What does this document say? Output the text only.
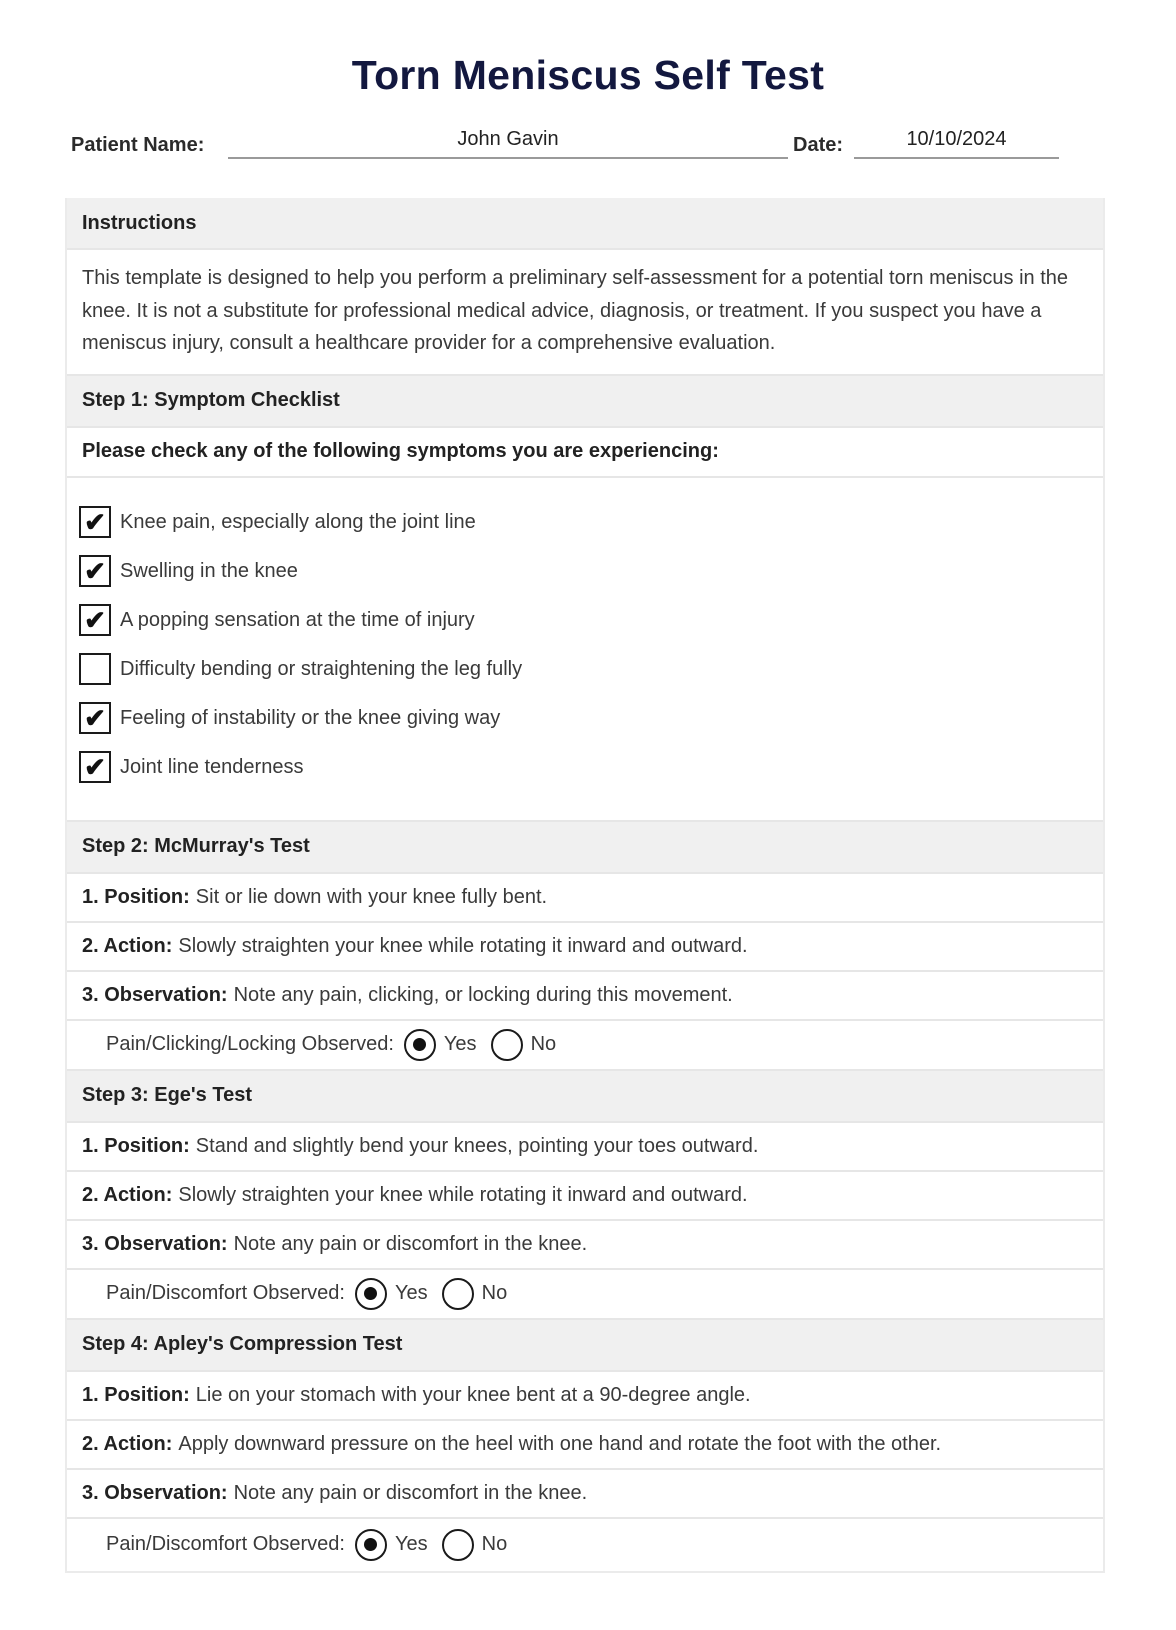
Torn Meniscus Self Test
Patient Name:	John Gavin	Date:	10/10/2024
Instructions
This template is designed to help you perform a preliminary self-assessment for a potential torn meniscus in the knee. It is not a substitute for professional medical advice, diagnosis, or treatment. If you suspect you have a meniscus injury, consult a healthcare provider for a comprehensive evaluation.
Step 1: Symptom Checklist
Please check any of the following symptoms you are experiencing:
✔ Knee pain, especially along the joint line
✔ Swelling in the knee
✔ A popping sensation at the time of injury
Difficulty bending or straightening the leg fully
✔ Feeling of instability or the knee giving way
✔ Joint line tenderness
Step 2: McMurray's Test
1. Position: Sit or lie down with your knee fully bent.
2. Action: Slowly straighten your knee while rotating it inward and outward.
3. Observation: Note any pain, clicking, or locking during this movement.
Pain/Clicking/Locking Observed:	Yes	No
Step 3: Ege's Test
1. Position: Stand and slightly bend your knees, pointing your toes outward.
2. Action: Slowly straighten your knee while rotating it inward and outward.
3. Observation: Note any pain or discomfort in the knee.
Pain/Discomfort Observed:	Yes	No
Step 4: Apley's Compression Test
1. Position: Lie on your stomach with your knee bent at a 90-degree angle.
2. Action: Apply downward pressure on the heel with one hand and rotate the foot with the other.
3. Observation: Note any pain or discomfort in the knee.
Pain/Discomfort Observed:	Yes	No
